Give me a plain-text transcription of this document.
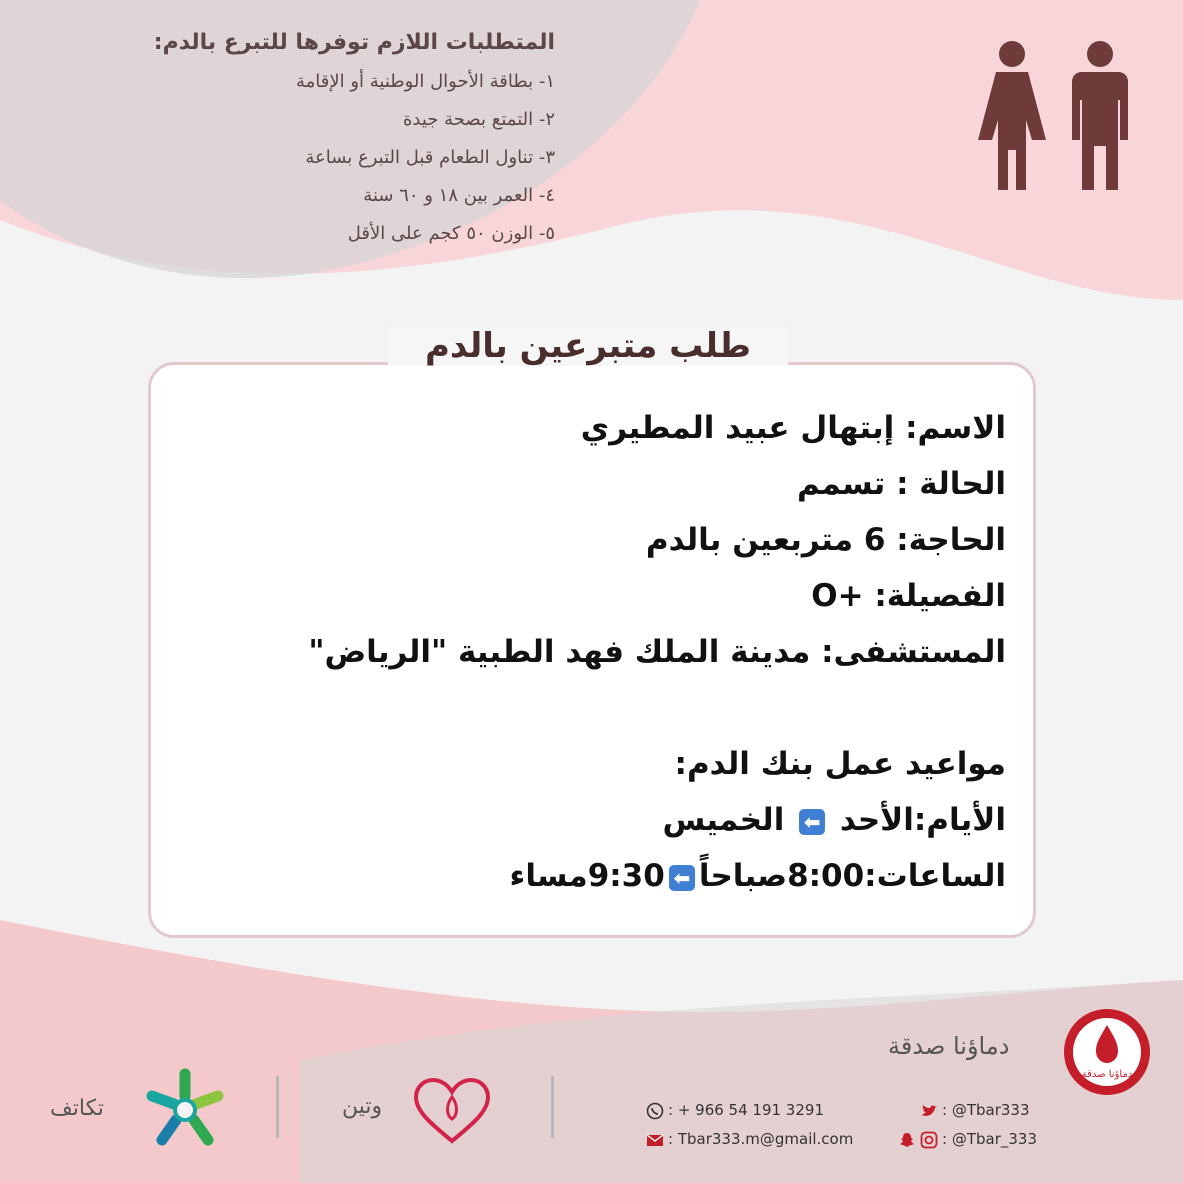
المتطلبات اللازم توفرها للتبرع بالدم:
١- بطاقة الأحوال الوطنية أو الإقامة
٢- التمتع بصحة جيدة
٣- تناول الطعام قبل التبرع بساعة
٤- العمر بين ١٨ و ٦٠ سنة
٥- الوزن ٥٠ كجم على الأقل
طلب متبرعين بالدم
الاسم: إبتهال عبيد المطيري
الحالة : تسمم
الحاجة: 6 متربعين بالدم
الفصيلة: +O
المستشفى: مدينة الملك فهد الطبية "الرياض"
مواعيد عمل بنك الدم:
الأيام:الأحد ⬅ الخميس
الساعات:8:00صباحاً⬅9:30مساء
دماؤنا صدقة
دماؤنا صدقة
: + 966 54 191 3291
: Tbar333.m@gmail.com
: @Tbar333
: @Tbar_333
وتين
تكاتف
